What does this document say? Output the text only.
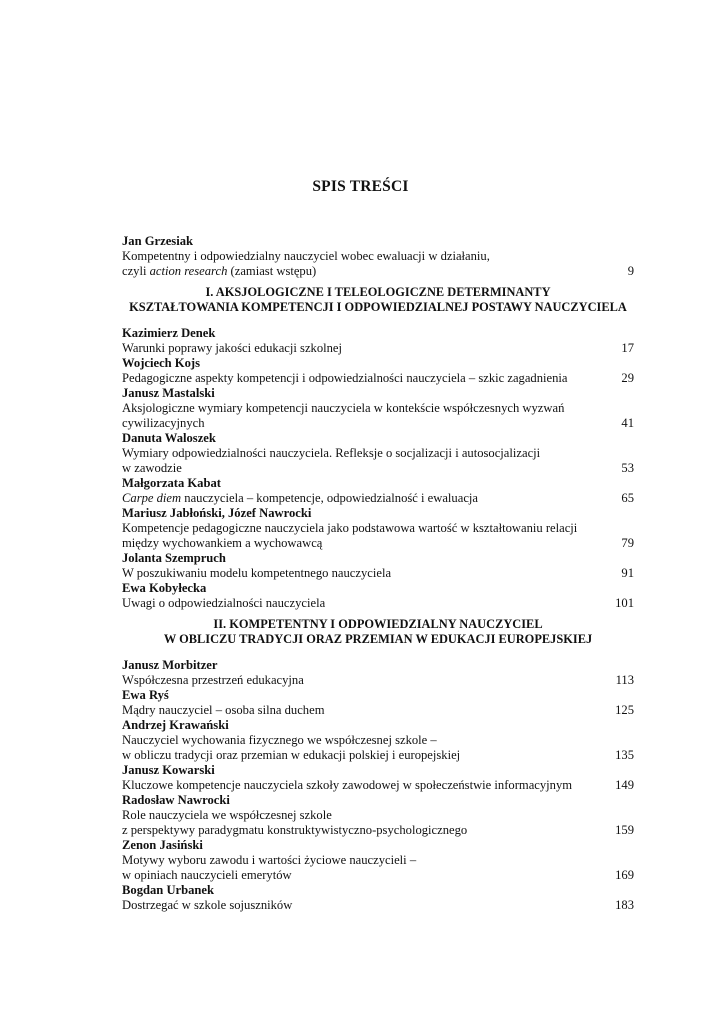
SPIS TREŚCI
Jan Grzesiak
Kompetentny i odpowiedzialny nauczyciel wobec ewaluacji w działaniu,
czyli action research (zamiast wstępu)	9
I. AKSJOLOGICZNE I TELEOLOGICZNE DETERMINANTY
KSZTAŁTOWANIA KOMPETENCJI I ODPOWIEDZIALNEJ POSTAWY NAUCZYCIELA
Kazimierz Denek
Warunki poprawy jakości edukacji szkolnej	17
Wojciech Kojs
Pedagogiczne aspekty kompetencji i odpowiedzialności nauczyciela – szkic zagadnienia	29
Janusz Mastalski
Aksjologiczne wymiary kompetencji nauczyciela w kontekście współczesnych wyzwań
cywilizacyjnych	41
Danuta Waloszek
Wymiary odpowiedzialności nauczyciela. Refleksje o socjalizacji i autosocjalizacji
w zawodzie	53
Małgorzata Kabat
Carpe diem nauczyciela – kompetencje, odpowiedzialność i ewaluacja	65
Mariusz Jabłoński, Józef Nawrocki
Kompetencje pedagogiczne nauczyciela jako podstawowa wartość w kształtowaniu relacji
między wychowankiem a wychowawcą	79
Jolanta Szempruch
W poszukiwaniu modelu kompetentnego nauczyciela	91
Ewa Kobyłecka
Uwagi o odpowiedzialności nauczyciela	101
II. KOMPETENTNY I ODPOWIEDZIALNY NAUCZYCIEL
W OBLICZU TRADYCJI ORAZ PRZEMIAN W EDUKACJI EUROPEJSKIEJ
Janusz Morbitzer
Współczesna przestrzeń edukacyjna	113
Ewa Ryś
Mądry nauczyciel – osoba silna duchem	125
Andrzej Krawański
Nauczyciel wychowania fizycznego we współczesnej szkole –
w obliczu tradycji oraz przemian w edukacji polskiej i europejskiej	135
Janusz Kowarski
Kluczowe kompetencje nauczyciela szkoły zawodowej w społeczeństwie informacyjnym	149
Radosław Nawrocki
Role nauczyciela we współczesnej szkole
z perspektywy paradygmatu konstruktywistyczno-psychologicznego	159
Zenon Jasiński
Motywy wyboru zawodu i wartości życiowe nauczycieli –
w opiniach nauczycieli emerytów	169
Bogdan Urbanek
Dostrzegać w szkole sojuszników	183
